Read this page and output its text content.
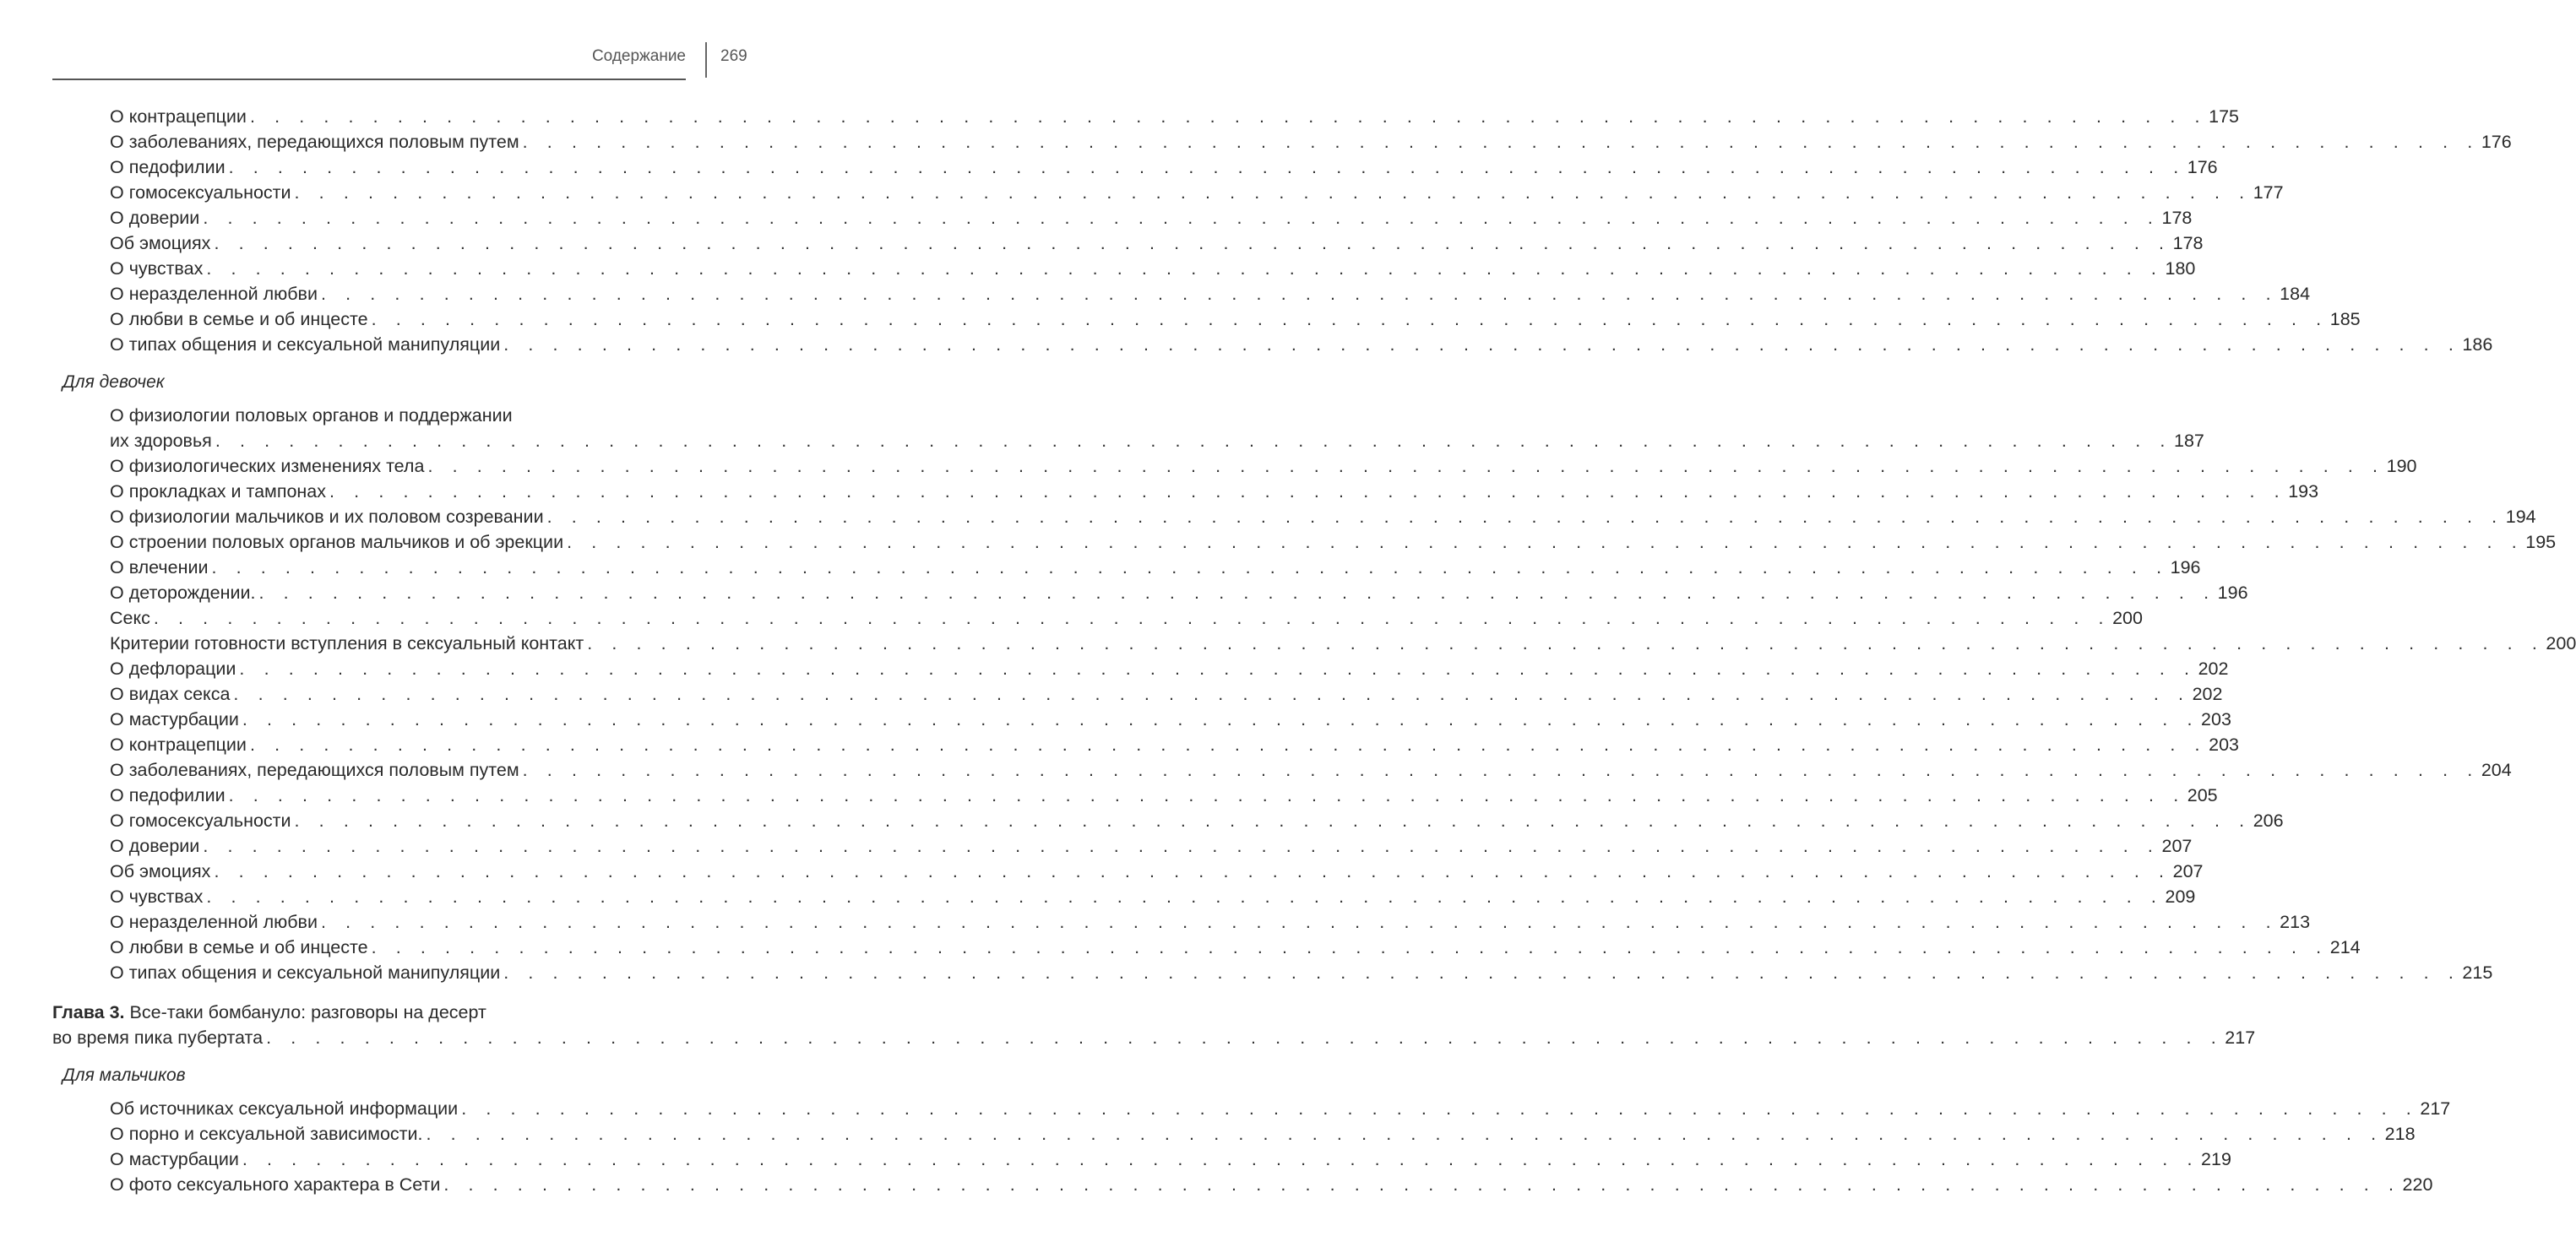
Содержание 269
О контрацепции . . . . . . . . . . . . . . . . . . . . . . . . . . . . . . . . . . . . . . . . . . . . . . . . . . . . . . . . . . . . . . . . . . . . . . . . . . . . . . . . 175
О заболеваниях, передающихся половым путем . . . . . . . . . . . . . . . . . . . . . . . . . . . . . . . . . . . . . . . . . . . . . . . . . . . . . . . . . . . . . . . . . . . . . . . . . . . . . . . . 176
О педофилии . . . . . . . . . . . . . . . . . . . . . . . . . . . . . . . . . . . . . . . . . . . . . . . . . . . . . . . . . . . . . . . . . . . . . . . . . . . . . . . . 176
О гомосексуальности . . . . . . . . . . . . . . . . . . . . . . . . . . . . . . . . . . . . . . . . . . . . . . . . . . . . . . . . . . . . . . . . . . . . . . . . . . . . . . . . 177
О доверии . . . . . . . . . . . . . . . . . . . . . . . . . . . . . . . . . . . . . . . . . . . . . . . . . . . . . . . . . . . . . . . . . . . . . . . . . . . . . . . . 178
Об эмоциях . . . . . . . . . . . . . . . . . . . . . . . . . . . . . . . . . . . . . . . . . . . . . . . . . . . . . . . . . . . . . . . . . . . . . . . . . . . . . . . . 178
О чувствах . . . . . . . . . . . . . . . . . . . . . . . . . . . . . . . . . . . . . . . . . . . . . . . . . . . . . . . . . . . . . . . . . . . . . . . . . . . . . . . . 180
О неразделенной любви . . . . . . . . . . . . . . . . . . . . . . . . . . . . . . . . . . . . . . . . . . . . . . . . . . . . . . . . . . . . . . . . . . . . . . . . . . . . . . . . 184
О любви в семье и об инцесте . . . . . . . . . . . . . . . . . . . . . . . . . . . . . . . . . . . . . . . . . . . . . . . . . . . . . . . . . . . . . . . . . . . . . . . . . . . . . . . . 185
О типах общения и сексуальной манипуляции . . . . . . . . . . . . . . . . . . . . . . . . . . . . . . . . . . . . . . . . . . . . . . . . . . . . . . . . . . . . . . . . . . . . . . . . . . . . . . . . 186
Для девочек
О физиологии половых органов и поддержании
их здоровья . . . . . . . . . . . . . . . . . . . . . . . . . . . . . . . . . . . . . . . . . . . . . . . . . . . . . . . . . . . . . . . . . . . . . . . . . . . . . . . . 187
О физиологических изменениях тела . . . . . . . . . . . . . . . . . . . . . . . . . . . . . . . . . . . . . . . . . . . . . . . . . . . . . . . . . . . . . . . . . . . . . . . . . . . . . . . . 190
О прокладках и тампонах . . . . . . . . . . . . . . . . . . . . . . . . . . . . . . . . . . . . . . . . . . . . . . . . . . . . . . . . . . . . . . . . . . . . . . . . . . . . . . . . 193
О физиологии мальчиков и их половом созревании . . . . . . . . . . . . . . . . . . . . . . . . . . . . . . . . . . . . . . . . . . . . . . . . . . . . . . . . . . . . . . . . . . . . . . . . . . . . . . . . 194
О строении половых органов мальчиков и об эрекции . . . . . . . . . . . . . . . . . . . . . . . . . . . . . . . . . . . . . . . . . . . . . . . . . . . . . . . . . . . . . . . . . . . . . . . . . . . . . . . . 195
О влечении . . . . . . . . . . . . . . . . . . . . . . . . . . . . . . . . . . . . . . . . . . . . . . . . . . . . . . . . . . . . . . . . . . . . . . . . . . . . . . . . 196
О деторождении. . . . . . . . . . . . . . . . . . . . . . . . . . . . . . . . . . . . . . . . . . . . . . . . . . . . . . . . . . . . . . . . . . . . . . . . . . . . . . . . . 196
Секс . . . . . . . . . . . . . . . . . . . . . . . . . . . . . . . . . . . . . . . . . . . . . . . . . . . . . . . . . . . . . . . . . . . . . . . . . . . . . . . . 200
Критерии готовности вступления в сексуальный контакт . . . . . . . . . . . . . . . . . . . . . . . . . . . . . . . . . . . . . . . . . . . . . . . . . . . . . . . . . . . . . . . . . . . . . . . . . . . . . . . . 200
О дефлорации . . . . . . . . . . . . . . . . . . . . . . . . . . . . . . . . . . . . . . . . . . . . . . . . . . . . . . . . . . . . . . . . . . . . . . . . . . . . . . . . 202
О видах секса . . . . . . . . . . . . . . . . . . . . . . . . . . . . . . . . . . . . . . . . . . . . . . . . . . . . . . . . . . . . . . . . . . . . . . . . . . . . . . . . 202
О мастурбации . . . . . . . . . . . . . . . . . . . . . . . . . . . . . . . . . . . . . . . . . . . . . . . . . . . . . . . . . . . . . . . . . . . . . . . . . . . . . . . . 203
О контрацепции . . . . . . . . . . . . . . . . . . . . . . . . . . . . . . . . . . . . . . . . . . . . . . . . . . . . . . . . . . . . . . . . . . . . . . . . . . . . . . . . 203
О заболеваниях, передающихся половым путем . . . . . . . . . . . . . . . . . . . . . . . . . . . . . . . . . . . . . . . . . . . . . . . . . . . . . . . . . . . . . . . . . . . . . . . . . . . . . . . . 204
О педофилии . . . . . . . . . . . . . . . . . . . . . . . . . . . . . . . . . . . . . . . . . . . . . . . . . . . . . . . . . . . . . . . . . . . . . . . . . . . . . . . . 205
О гомосексуальности . . . . . . . . . . . . . . . . . . . . . . . . . . . . . . . . . . . . . . . . . . . . . . . . . . . . . . . . . . . . . . . . . . . . . . . . . . . . . . . . 206
О доверии . . . . . . . . . . . . . . . . . . . . . . . . . . . . . . . . . . . . . . . . . . . . . . . . . . . . . . . . . . . . . . . . . . . . . . . . . . . . . . . . 207
Об эмоциях . . . . . . . . . . . . . . . . . . . . . . . . . . . . . . . . . . . . . . . . . . . . . . . . . . . . . . . . . . . . . . . . . . . . . . . . . . . . . . . . 207
О чувствах . . . . . . . . . . . . . . . . . . . . . . . . . . . . . . . . . . . . . . . . . . . . . . . . . . . . . . . . . . . . . . . . . . . . . . . . . . . . . . . . 209
О неразделенной любви . . . . . . . . . . . . . . . . . . . . . . . . . . . . . . . . . . . . . . . . . . . . . . . . . . . . . . . . . . . . . . . . . . . . . . . . . . . . . . . . 213
О любви в семье и об инцесте . . . . . . . . . . . . . . . . . . . . . . . . . . . . . . . . . . . . . . . . . . . . . . . . . . . . . . . . . . . . . . . . . . . . . . . . . . . . . . . . 214
О типах общения и сексуальной манипуляции . . . . . . . . . . . . . . . . . . . . . . . . . . . . . . . . . . . . . . . . . . . . . . . . . . . . . . . . . . . . . . . . . . . . . . . . . . . . . . . . 215
Глава 3. Все-таки бомбануло: разговоры на десерт
во время пика пубертата . . . . . . . . . . . . . . . . . . . . . . . . . . . . . . . . . . . . . . . . . . . . . . . . . . . . . . . . . . . . . . . . . . . . . . . . . . . . . . . . 217
Для мальчиков
Об источниках сексуальной информации . . . . . . . . . . . . . . . . . . . . . . . . . . . . . . . . . . . . . . . . . . . . . . . . . . . . . . . . . . . . . . . . . . . . . . . . . . . . . . . . 217
О порно и сексуальной зависимости. . . . . . . . . . . . . . . . . . . . . . . . . . . . . . . . . . . . . . . . . . . . . . . . . . . . . . . . . . . . . . . . . . . . . . . . . . . . . . . . . 218
О мастурбации . . . . . . . . . . . . . . . . . . . . . . . . . . . . . . . . . . . . . . . . . . . . . . . . . . . . . . . . . . . . . . . . . . . . . . . . . . . . . . . . 219
О фото сексуального характера в Сети . . . . . . . . . . . . . . . . . . . . . . . . . . . . . . . . . . . . . . . . . . . . . . . . . . . . . . . . . . . . . . . . . . . . . . . . . . . . . . . . 220
